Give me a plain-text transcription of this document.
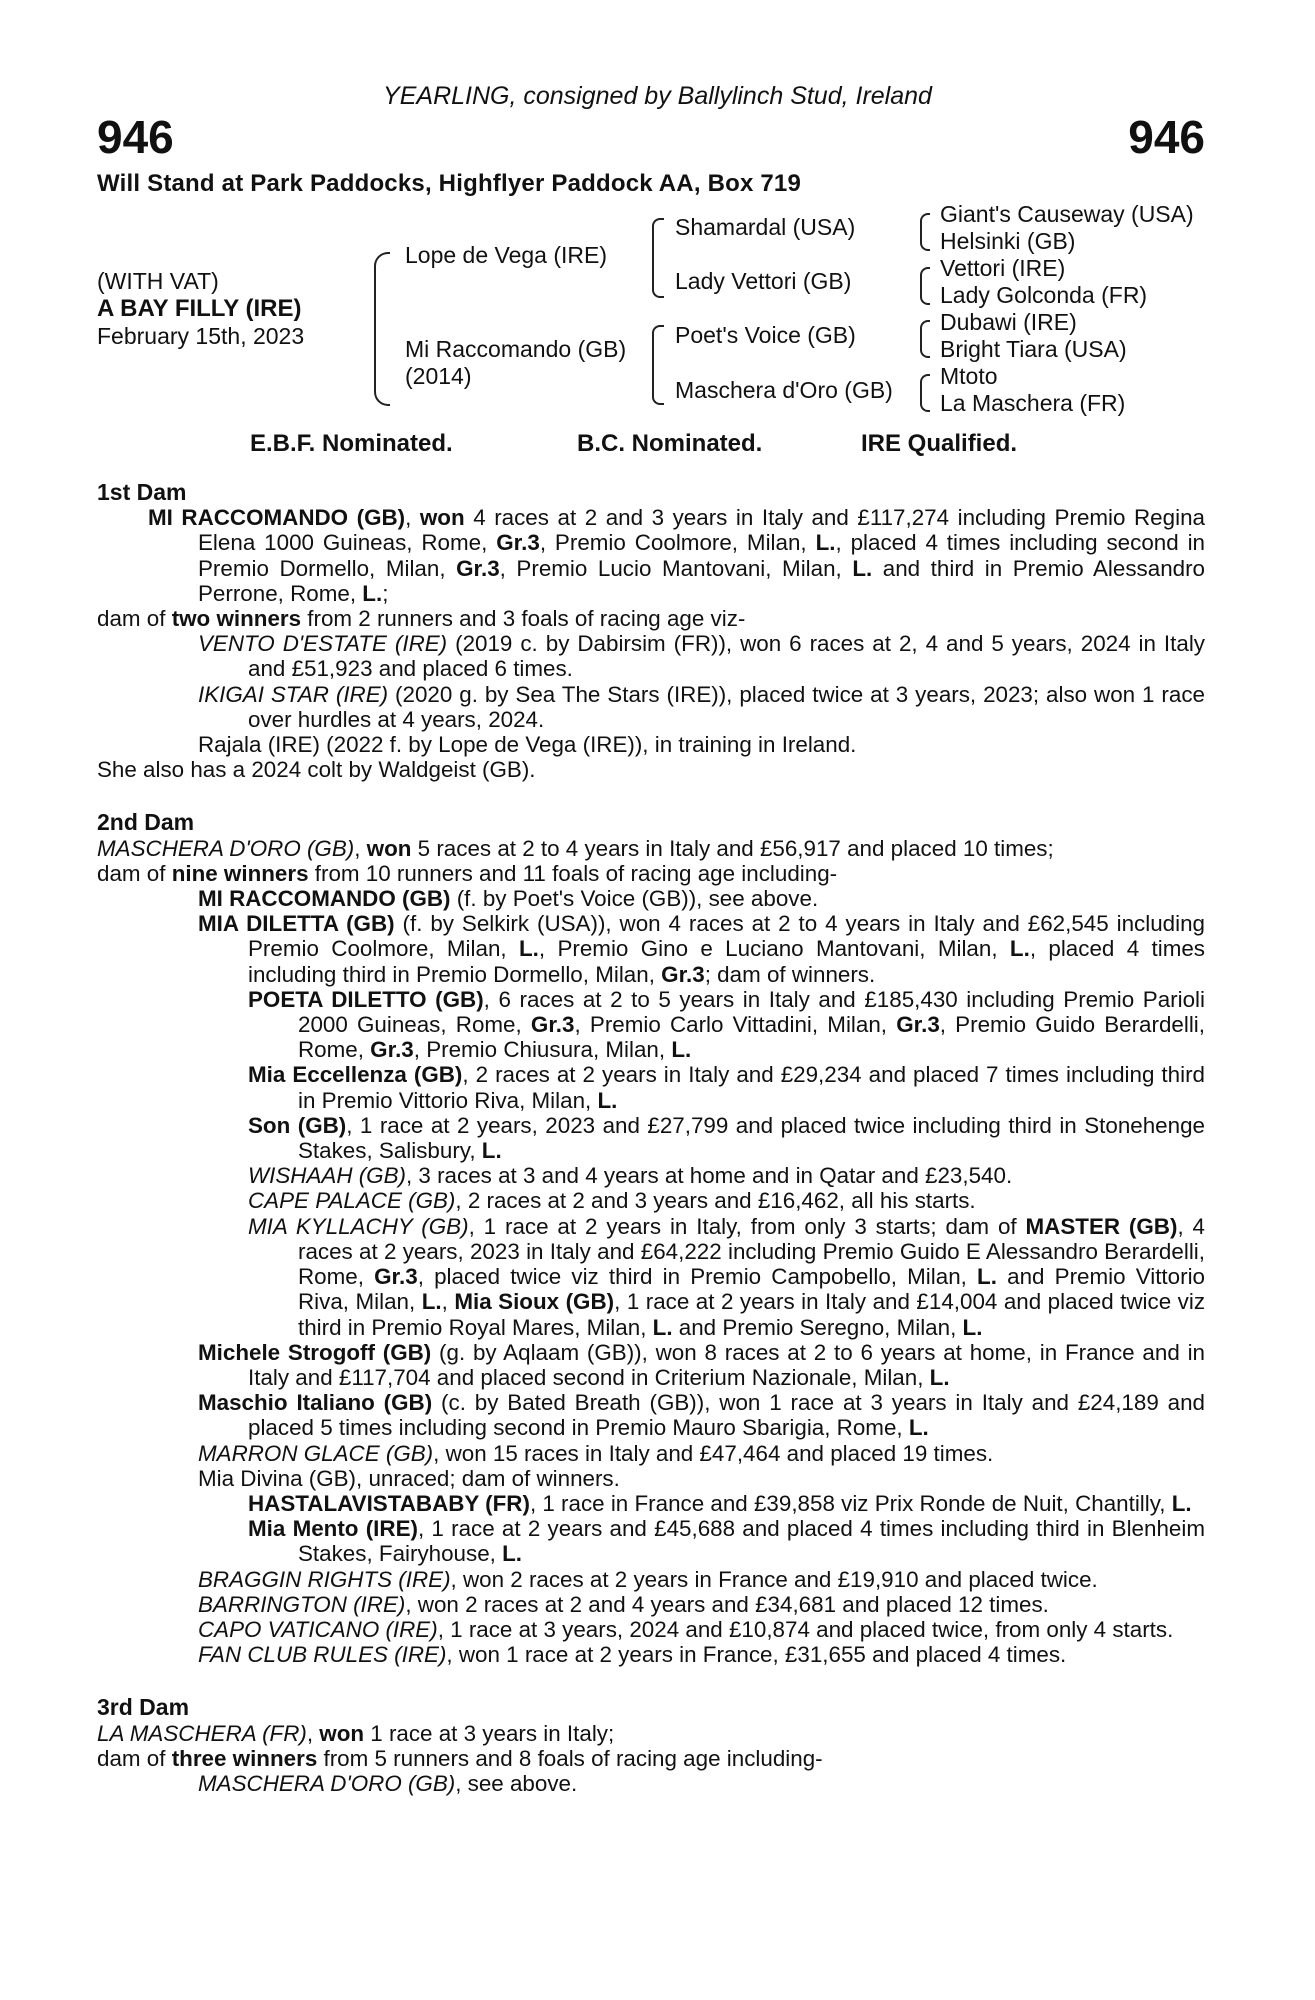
YEARLING, consigned by Ballylinch Stud, Ireland
946	946
Will Stand at Park Paddocks, Highflyer Paddock AA, Box 719
(WITH VAT)
A BAY FILLY (IRE)
February 15th, 2023
Lope de Vega (IRE)
Mi Raccomando (GB)
(2014)
Shamardal (USA)
Lady Vettori (GB)
Poet's Voice (GB)
Maschera d'Oro (GB)
Giant's Causeway (USA)
Helsinki (GB)
Vettori (IRE)
Lady Golconda (FR)
Dubawi (IRE)
Bright Tiara (USA)
Mtoto
La Maschera (FR)
E.B.F. Nominated.	B.C. Nominated.	IRE Qualified.

1st Dam

MI RACCOMANDO (GB), won 4 races at 2 and 3 years in Italy and £117,274 including Premio Regina Elena 1000 Guineas, Rome, Gr.3, Premio Coolmore, Milan, L., placed 4 times including second in Premio Dormello, Milan, Gr.3, Premio Lucio Mantovani, Milan, L. and third in Premio Alessandro Perrone, Rome, L.;

dam of two winners from 2 runners and 3 foals of racing age viz-

VENTO D'ESTATE (IRE) (2019 c. by Dabirsim (FR)), won 6 races at 2, 4 and 5 years, 2024 in Italy and £51,923 and placed 6 times.

IKIGAI STAR (IRE) (2020 g. by Sea The Stars (IRE)), placed twice at 3 years, 2023; also won 1 race over hurdles at 4 years, 2024.

Rajala (IRE) (2022 f. by Lope de Vega (IRE)), in training in Ireland.

She also has a 2024 colt by Waldgeist (GB).

2nd Dam

MASCHERA D'ORO (GB), won 5 races at 2 to 4 years in Italy and £56,917 and placed 10 times;

dam of nine winners from 10 runners and 11 foals of racing age including-

MI RACCOMANDO (GB) (f. by Poet's Voice (GB)), see above.

MIA DILETTA (GB) (f. by Selkirk (USA)), won 4 races at 2 to 4 years in Italy and £62,545 including Premio Coolmore, Milan, L., Premio Gino e Luciano Mantovani, Milan, L., placed 4 times including third in Premio Dormello, Milan, Gr.3; dam of winners.

POETA DILETTO (GB), 6 races at 2 to 5 years in Italy and £185,430 including Premio Parioli 2000 Guineas, Rome, Gr.3, Premio Carlo Vittadini, Milan, Gr.3, Premio Guido Berardelli, Rome, Gr.3, Premio Chiusura, Milan, L.

Mia Eccellenza (GB), 2 races at 2 years in Italy and £29,234 and placed 7 times including third in Premio Vittorio Riva, Milan, L.

Son (GB), 1 race at 2 years, 2023 and £27,799 and placed twice including third in Stonehenge Stakes, Salisbury, L.

WISHAAH (GB), 3 races at 3 and 4 years at home and in Qatar and £23,540.

CAPE PALACE (GB), 2 races at 2 and 3 years and £16,462, all his starts.

MIA KYLLACHY (GB), 1 race at 2 years in Italy, from only 3 starts; dam of MASTER (GB), 4 races at 2 years, 2023 in Italy and £64,222 including Premio Guido E Alessandro Berardelli, Rome, Gr.3, placed twice viz third in Premio Campobello, Milan, L. and Premio Vittorio Riva, Milan, L., Mia Sioux (GB), 1 race at 2 years in Italy and £14,004 and placed twice viz third in Premio Royal Mares, Milan, L. and Premio Seregno, Milan, L.

Michele Strogoff (GB) (g. by Aqlaam (GB)), won 8 races at 2 to 6 years at home, in France and in Italy and £117,704 and placed second in Criterium Nazionale, Milan, L.

Maschio Italiano (GB) (c. by Bated Breath (GB)), won 1 race at 3 years in Italy and £24,189 and placed 5 times including second in Premio Mauro Sbarigia, Rome, L.

MARRON GLACE (GB), won 15 races in Italy and £47,464 and placed 19 times.

Mia Divina (GB), unraced; dam of winners.

HASTALAVISTABABY (FR), 1 race in France and £39,858 viz Prix Ronde de Nuit, Chantilly, L.

Mia Mento (IRE), 1 race at 2 years and £45,688 and placed 4 times including third in Blenheim Stakes, Fairyhouse, L.

BRAGGIN RIGHTS (IRE), won 2 races at 2 years in France and £19,910 and placed twice.

BARRINGTON (IRE), won 2 races at 2 and 4 years and £34,681 and placed 12 times.

CAPO VATICANO (IRE), 1 race at 3 years, 2024 and £10,874 and placed twice, from only 4 starts.

FAN CLUB RULES (IRE), won 1 race at 2 years in France, £31,655 and placed 4 times.

3rd Dam

LA MASCHERA (FR), won 1 race at 3 years in Italy;

dam of three winners from 5 runners and 8 foals of racing age including-

MASCHERA D'ORO (GB), see above.
